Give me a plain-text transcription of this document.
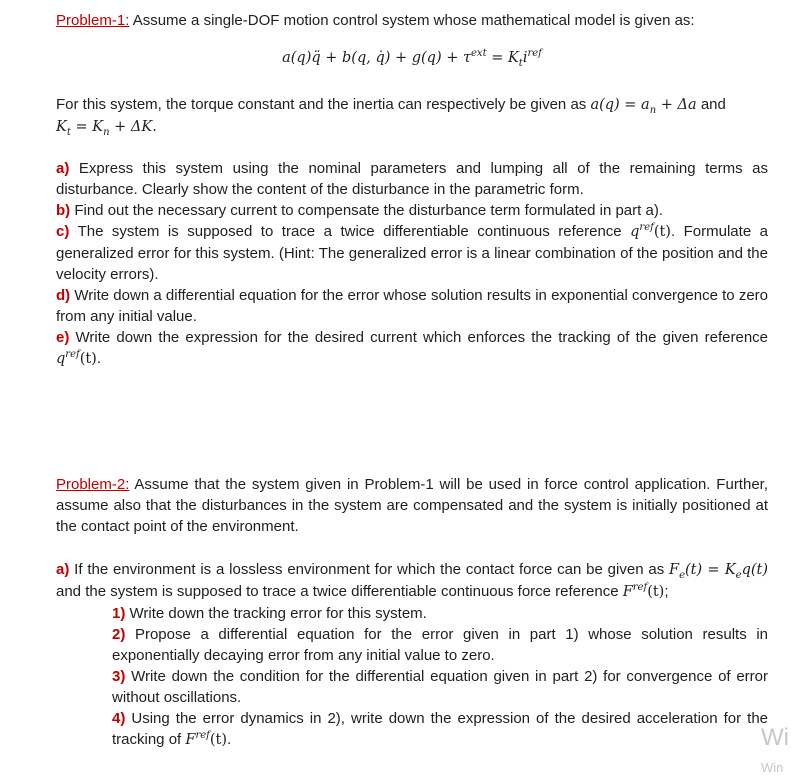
Problem-1: Assume a single-DOF motion control system whose mathematical model is given as:

a(q)q̈ + b(q, q̇) + $g(q) + \tau^{ext} = K_ti^{ref}$

For this system, the torque constant and the inertia can respectively be given as $a(q) = a_n + \Delta a$ and
$K_t = K_n + \Delta K$.

a) Express this system using the nominal parameters and lumping all of the remaining terms as disturbance. Clearly show the content of the disturbance in the parametric form.

b) Find out the necessary current to compensate the disturbance term formulated in part a).

c) The system is supposed to trace a twice differentiable continuous reference $q^{ref}(t)$. Formulate a generalized error for this system. (Hint: The generalized error is a linear combination of the position and the velocity errors).

d) Write down a differential equation for the error whose solution results in exponential convergence to zero from any initial value.

e) Write down the expression for the desired current which enforces the tracking of the given reference $q^{ref}(t)$.

Problem-2: Assume that the system given in Problem-1 will be used in force control application. Further, assume also that the disturbances in the system are compensated and the system is initially positioned at the contact point of the environment.

a) If the environment is a lossless environment for which the contact force can be given as $F_e(t) = K_eq(t)$ and the system is supposed to trace a twice differentiable continuous force reference $F^{ref}(t)$;

1) Write down the tracking error for this system.

2) Propose a differential equation for the error given in part 1) whose solution results in exponentially decaying error from any initial value to zero.

3) Write down the condition for the differential equation given in part 2) for convergence of error without oscillations.

4) Using the error dynamics in 2), write down the expression of the desired acceleration for the tracking of $F^{ref}(t)$.	Wi
Win
